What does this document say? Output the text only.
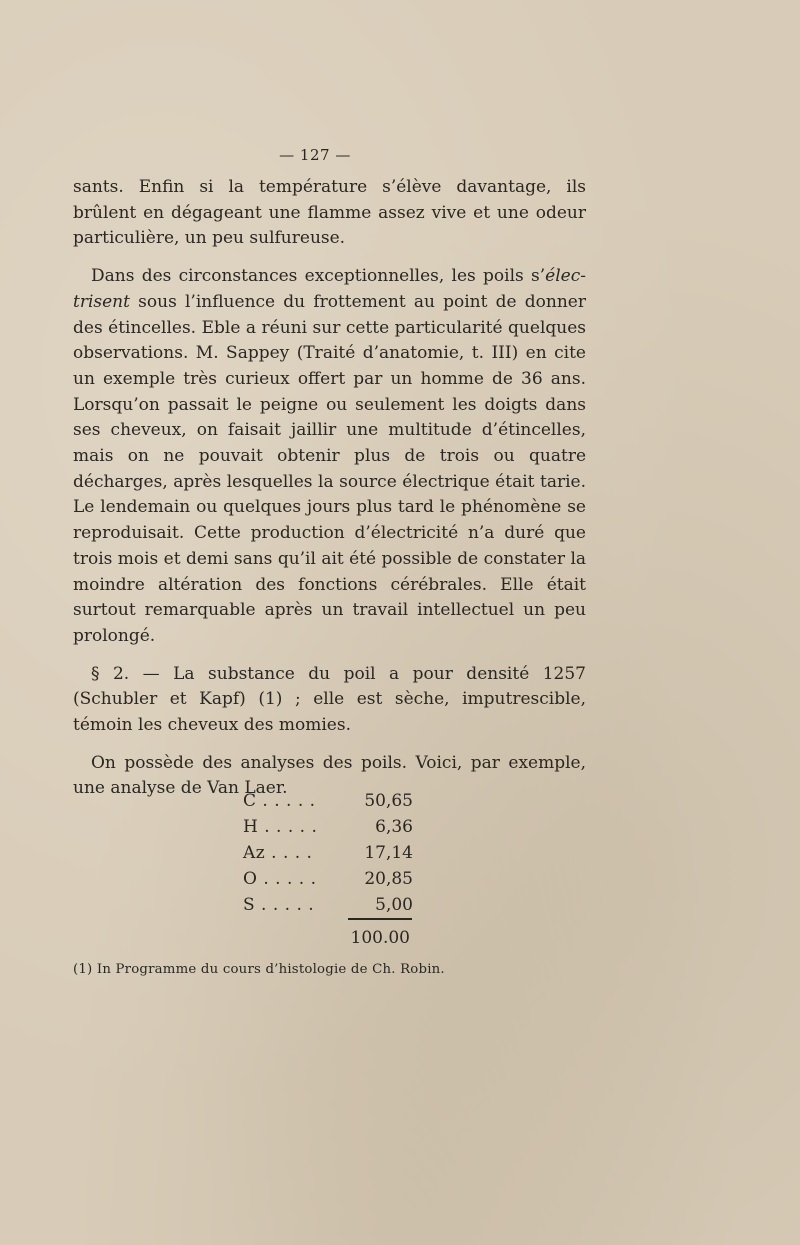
— 127 —

sants. Enfin si la température s’élève davantage, ils brûlent en dégageant une flamme assez vive et une odeur particulière, un peu sulfureuse.

Dans des circonstances exceptionnelles, les poils s’électrisent sous l’influence du frottement au point de donner des étincelles. Eble a réuni sur cette particularité quelques observations. M. Sappey (Traité d’anatomie, t. III) en cite un exemple très curieux offert par un homme de 36 ans. Lorsqu’on passait le peigne ou seulement les doigts dans ses cheveux, on faisait jaillir une multitude d’étincelles, mais on ne pouvait obtenir plus de trois ou quatre décharges, après lesquelles la source électrique était tarie. Le lendemain ou quelques jours plus tard le phénomène se reproduisait. Cette production d’électricité n’a duré que trois mois et demi sans qu’il ait été possible de constater la moindre altération des fonctions cérébrales. Elle était surtout remarquable après un travail intellectuel un peu prolongé.

§ 2. — La substance du poil a pour densité 1257 (Schubler et Kapf) (1) ; elle est sèche, imputrescible, témoin les cheveux des momies.

On possède des analyses des poils. Voici, par exemple, une analyse de Van Laer.

C . . . . .	50,65
H . . . . .	6,36
Az . . . .	17,14
O . . . . .	20,85
S . . . . .	5,00
100.00
(1) In Programme du cours d’histologie de Ch. Robin.
